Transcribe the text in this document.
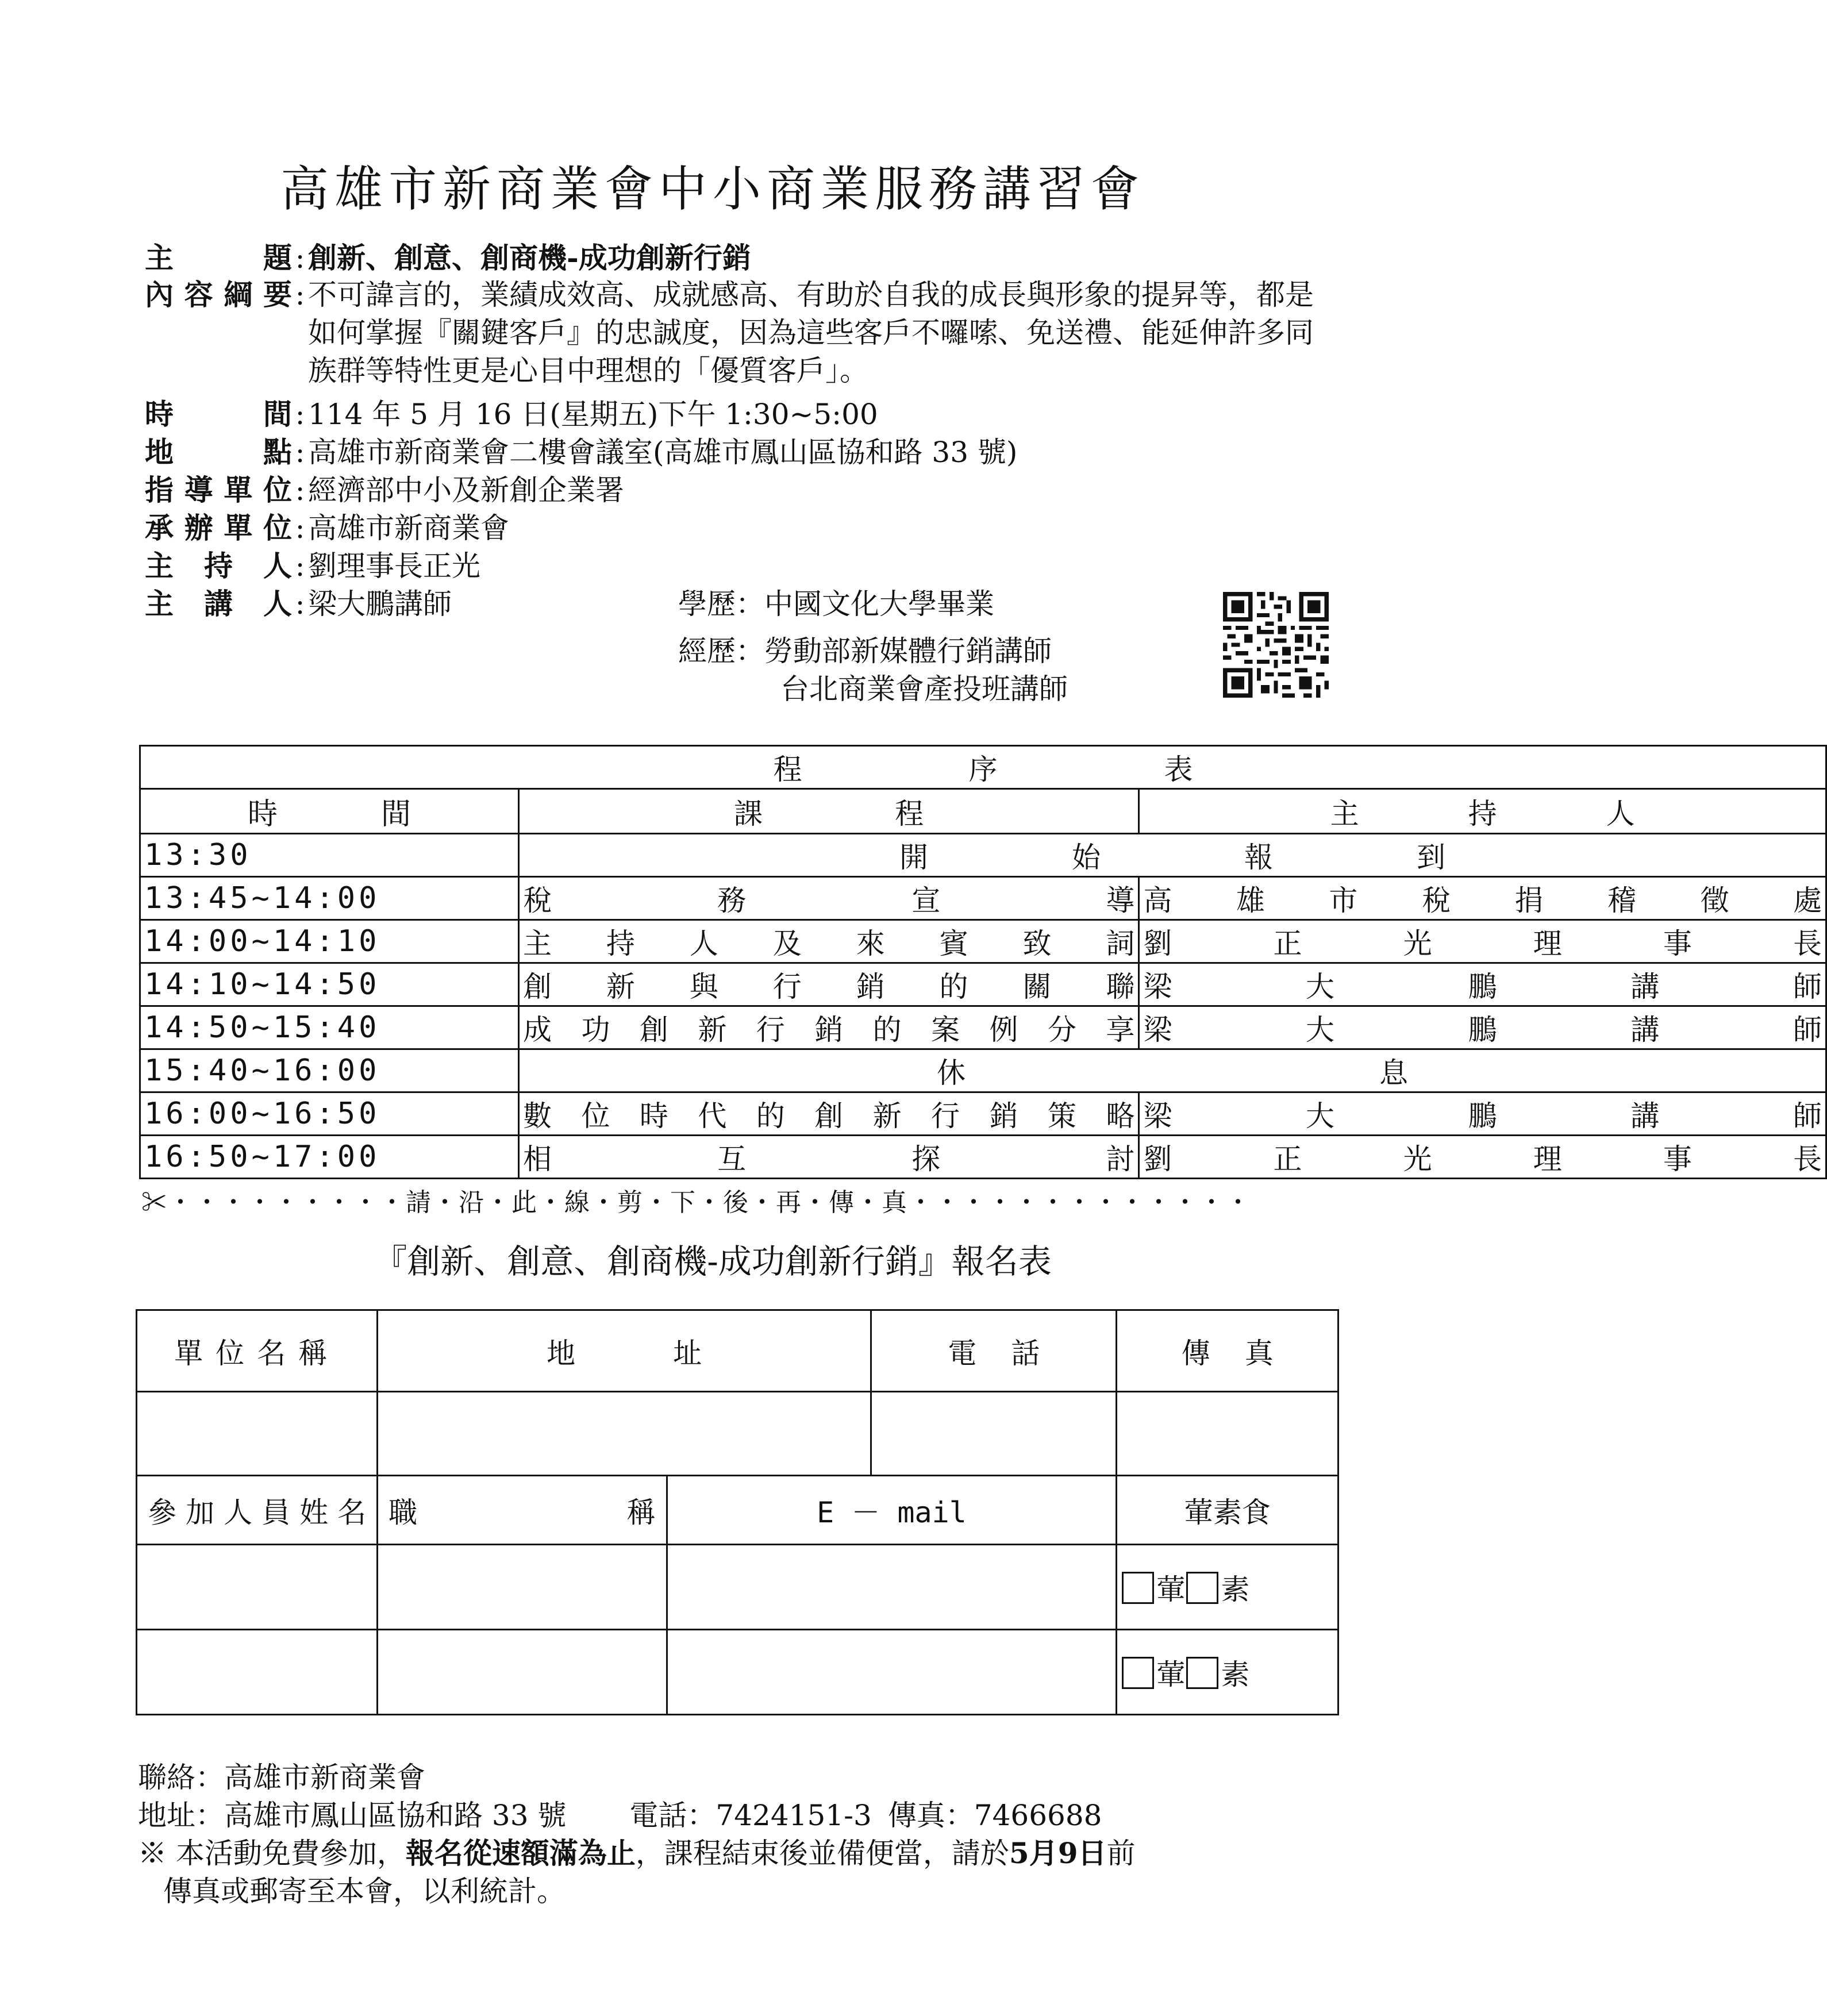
高雄市新商業會中小商業服務講習會
主　　題 : 創新、創意、創商機-成功創新行銷
內容綱要 : 不可諱言的，業績成效高、成就感高、有助於自我的成長與形象的提昇等，都是如何掌握『關鍵客戶』的忠誠度，因為這些客戶不囉嗦、免送禮、能延伸許多同族群等特性更是心目中理想的「優質客戶」。
時　　間 : 114 年 5 月 16 日(星期五)下午 1:30~5:00
地　　點 : 高雄市新商業會二樓會議室(高雄市鳳山區協和路 33 號)
指導單位 : 經濟部中小及新創企業署
承辦單位 : 高雄市新商業會
主 持 人 : 劉理事長正光
主 講 人 : 梁大鵬講師	學歷：中國文化大學畢業
經歷：勞動部新媒體行銷講師
台北商業會產投班講師
程序表		
時間	課程	主持人
13:30	開始報到	
13:45~14:00	稅務宣導	高雄市稅捐稽徵處
14:00~14:10	主持人及來賓致詞	劉正光理事長
14:10~14:50	創新與行銷的關聯	梁大鵬講師
14:50~15:40	成功創新行銷的案例分享	梁大鵬講師
15:40~16:00	休息	
16:00~16:50	數位時代的創新行銷策略	梁大鵬講師
16:50~17:00	相互探討	劉正光理事長
✂・・・・・・・・・請・沿・此・線・剪・下・後・再・傳・真・・・・・・・・・・・・・
『創新、創意、創商機-成功創新行銷』報名表
單位名稱	地址		電話	傳真

參加人員姓名	職稱	E － mail		葷素食
				葷 素
				葷 素
聯絡：高雄市新商業會
地址：高雄市鳳山區協和路 33 號 電話：7424151-3 傳真：7466688
※ 本活動免費參加，報名從速額滿為止，課程結束後並備便當，請於5月9日前
傳真或郵寄至本會，以利統計。
